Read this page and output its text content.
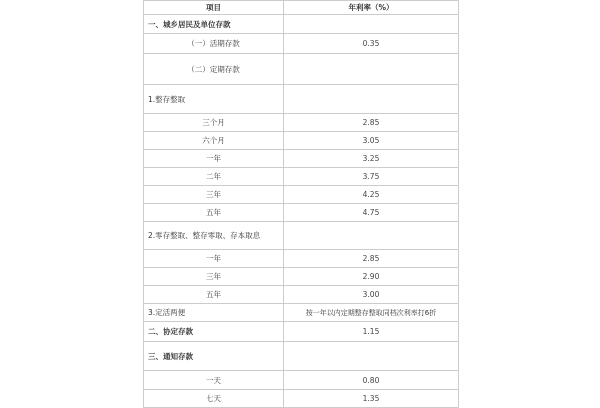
项目	年利率（%）
一、城乡居民及单位存款	
（一）活期存款	0.35
（二）定期存款	
1.整存整取	
三个月	2.85
六个月	3.05
一年	3.25
二年	3.75
三年	4.25
五年	4.75
2.零存整取、整存零取、存本取息	
一年	2.85
三年	2.90
五年	3.00
3.定活两便	按一年以内定期整存整取同档次利率打6折
二、协定存款	1.15
三、通知存款	
一天	0.80
七天	1.35
